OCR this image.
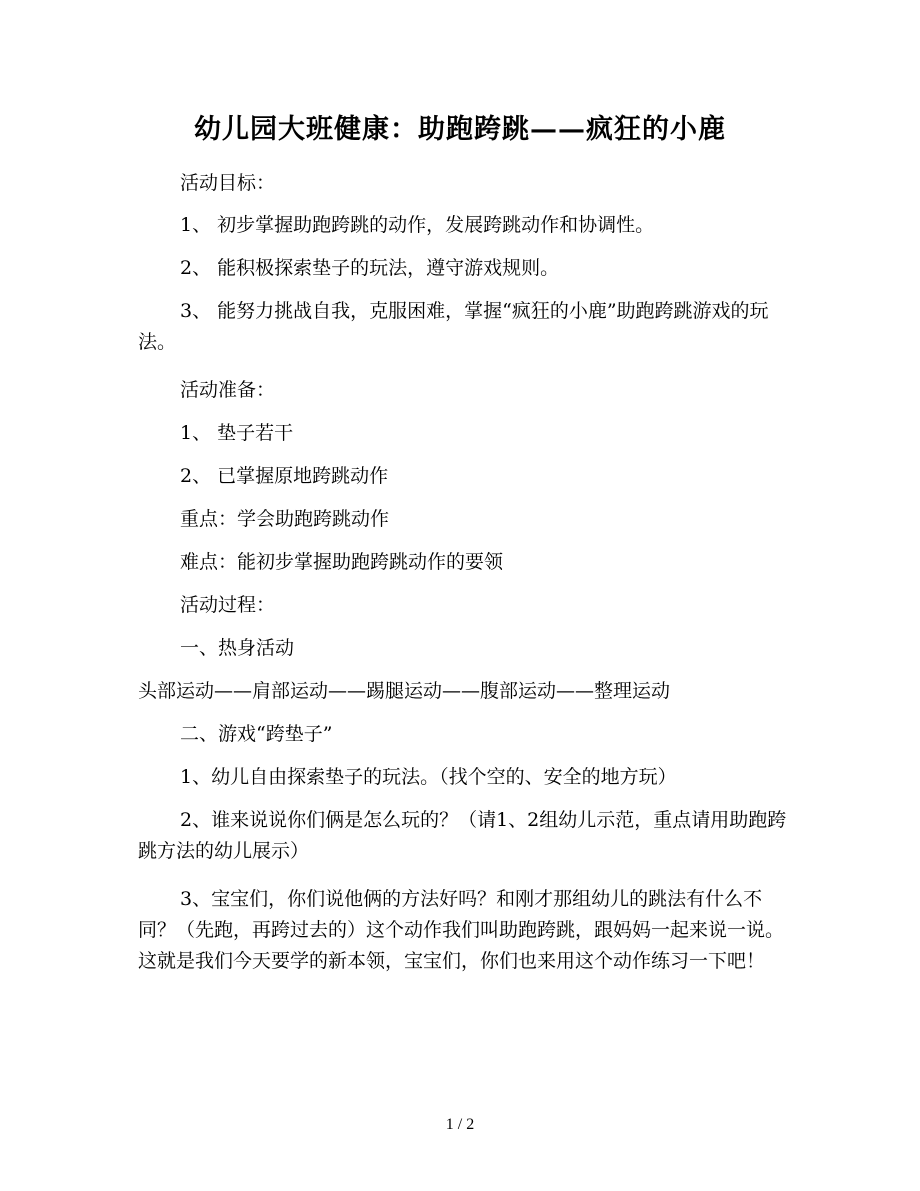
幼儿园大班健康：助跑跨跳——疯狂的小鹿
活动目标：
1、 初步掌握助跑跨跳的动作，发展跨跳动作和协调性。
2、 能积极探索垫子的玩法，遵守游戏规则。
3、 能努力挑战自我，克服困难，掌握“疯狂的小鹿”助跑跨跳游戏的玩法。
活动准备：
1、 垫子若干
2、 已掌握原地跨跳动作
重点：学会助跑跨跳动作
难点：能初步掌握助跑跨跳动作的要领
活动过程：
一、热身活动
头部运动——肩部运动——踢腿运动——腹部运动——整理运动
二、游戏“跨垫子”
1、幼儿自由探索垫子的玩法。（找个空的、安全的地方玩）
2、谁来说说你们俩是怎么玩的？（请1、2组幼儿示范，重点请用助跑跨跳方法的幼儿展示）
3、宝宝们，你们说他俩的方法好吗？和刚才那组幼儿的跳法有什么不同？（先跑，再跨过去的）这个动作我们叫助跑跨跳，跟妈妈一起来说一说。这就是我们今天要学的新本领，宝宝们，你们也来用这个动作练习一下吧！
1 / 2
